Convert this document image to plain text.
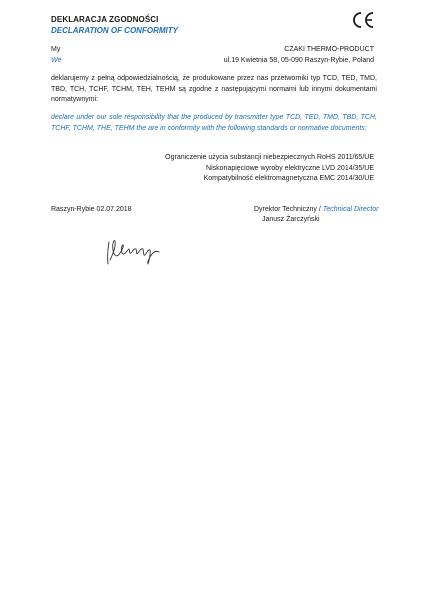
DEKLARACJA ZGODNOŚCI
DECLARATION OF CONFORMITY
My
We
CZAKI THERMO-PRODUCT
ul.19 Kwietnia 58, 05-090 Raszyn-Rybie, Poland
deklarujemy z pełną odpowiedzialnością, że produkowane przez nas przetworniki typ TCD, TED, TMD, TBD, TCH, TCHF, TCHM, TEH, TEHM są zgodne z następującymi normami lub innymi dokumentami normatywnymi:
declare under our sole responsibility that the produced by transmitter type TCD, TED, TMD, TBD, TCH, TCHF, TCHM, THE, TEHM the are in conformity with the following standards or normative documents:
Ograniczenie użycia substancji niebezpiecznych RoHS 2011/65/UE
Niskonapięciowe wyroby elektryczne LVD 2014/35/UE
Kompatybilność elektromagnetyczna EMC 2014/30/UE
Raszyn-Rybie 02.07.2018	Dyrektor Techniczny / Technical Director
Janusz Żarczyński
